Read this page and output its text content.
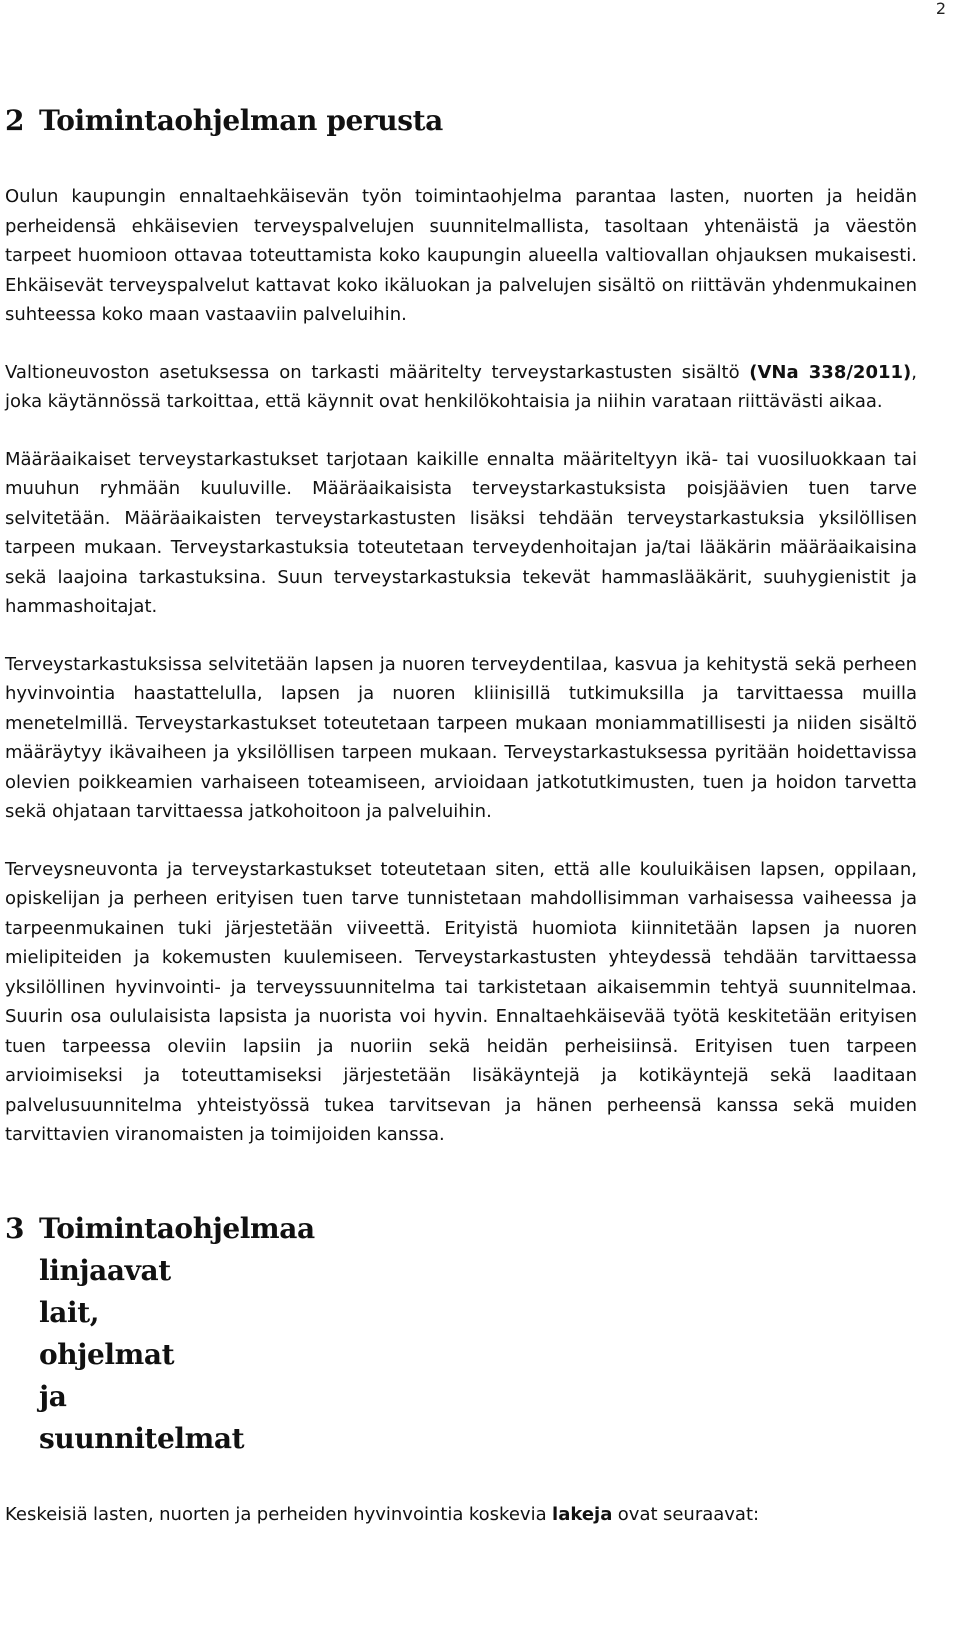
2
2 Toimintaohjelman perusta

Oulun kaupungin ennaltaehkäisevän työn toimintaohjelma parantaa lasten, nuorten ja heidän perheidensä ehkäisevien terveyspalvelujen suunnitelmallista, tasoltaan yhtenäistä ja väestön tarpeet huomioon ottavaa toteuttamista koko kaupungin alueella valtiovallan ohjauksen mukaisesti. Ehkäisevät terveyspalvelut kattavat koko ikäluokan ja palvelujen sisältö on riittävän yhdenmukainen suhteessa koko maan vastaaviin palveluihin.

Valtioneuvoston asetuksessa on tarkasti määritelty terveystarkastusten sisältö (VNa 338/2011), joka käytännössä tarkoittaa, että käynnit ovat henkilökohtaisia ja niihin varataan riittävästi aikaa.

Määräaikaiset terveystarkastukset tarjotaan kaikille ennalta määriteltyyn ikä- tai vuosiluokkaan tai muuhun ryhmään kuuluville. Määräaikaisista terveystarkastuksista poisjäävien tuen tarve selvitetään. Määräaikaisten terveystarkastusten lisäksi tehdään terveystarkastuksia yksilöllisen tarpeen mukaan. Terveystarkastuksia toteutetaan terveydenhoitajan ja/tai lääkärin määräaikaisina sekä laajoina tarkastuksina. Suun terveystarkastuksia tekevät hammaslääkärit, suuhygienistit ja hammashoitajat.

Terveystarkastuksissa selvitetään lapsen ja nuoren terveydentilaa, kasvua ja kehitystä sekä perheen hyvinvointia haastattelulla, lapsen ja nuoren kliinisillä tutkimuksilla ja tarvittaessa muilla menetelmillä. Terveystarkastukset toteutetaan tarpeen mukaan moniammatillisesti ja niiden sisältö määräytyy ikävaiheen ja yksilöllisen tarpeen mukaan. Terveystarkastuksessa pyritään hoidettavissa olevien poikkeamien varhaiseen toteamiseen, arvioidaan jatkotutkimusten, tuen ja hoidon tarvetta sekä ohjataan tarvittaessa jatkohoitoon ja palveluihin.

Terveysneuvonta ja terveystarkastukset toteutetaan siten, että alle kouluikäisen lapsen, oppilaan, opiskelijan ja perheen erityisen tuen tarve tunnistetaan mahdollisimman varhaisessa vaiheessa ja tarpeenmukainen tuki järjestetään viiveettä. Erityistä huomiota kiinnitetään lapsen ja nuoren mielipiteiden ja kokemusten kuulemiseen. Terveystarkastusten yhteydessä tehdään tarvittaessa yksilöllinen hyvinvointi- ja terveyssuunnitelma tai tarkistetaan aikaisemmin tehtyä suunnitelmaa. Suurin osa oululaisista lapsista ja nuorista voi hyvin. Ennaltaehkäisevää työtä keskitetään erityisen tuen tarpeessa oleviin lapsiin ja nuoriin sekä heidän perheisiinsä. Erityisen tuen tarpeen arvioimiseksi ja toteuttamiseksi järjestetään lisäkäyntejä ja kotikäyntejä sekä laaditaan palvelusuunnitelma yhteistyössä tukea tarvitsevan ja hänen perheensä kanssa sekä muiden tarvittavien viranomaisten ja toimijoiden kanssa.

3 Toimintaohjelmaa
linjaavat
lait,
ohjelmat
ja
suunnitelmat

Keskeisiä lasten, nuorten ja perheiden hyvinvointia koskevia lakeja ovat seuraavat:
